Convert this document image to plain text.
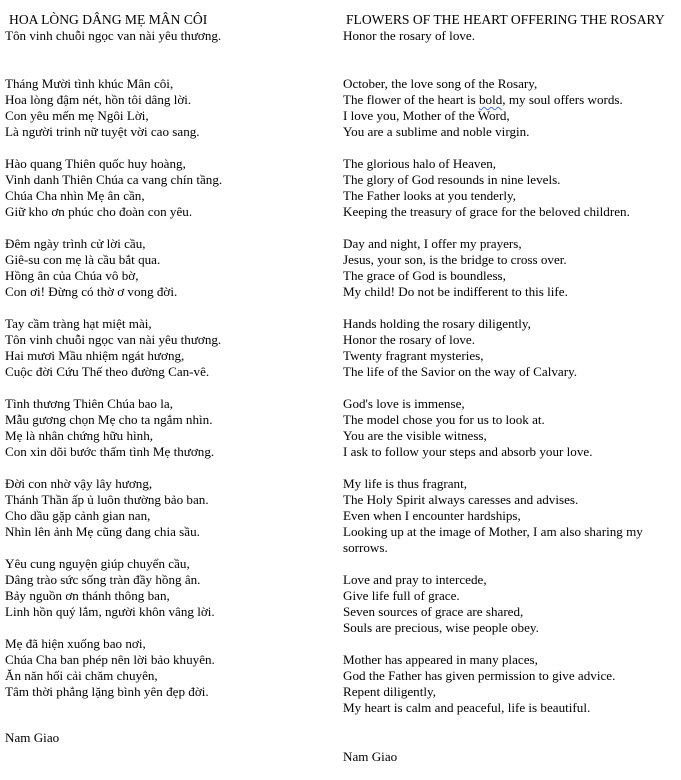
HOA LÒNG DÂNG MẸ MÂN CÔI
Tôn vinh chuỗi ngọc van nài yêu thương.
Tháng Mười tình khúc Mân côi,
Hoa lòng đậm nét, hồn tôi dâng lời.
Con yêu mến mẹ Ngôi Lời,
Là người trinh nữ tuyệt vời cao sang.
Hào quang Thiên quốc huy hoàng,
Vinh danh Thiên Chúa ca vang chín tầng.
Chúa Cha nhìn Mẹ ân cần,
Giữ kho ơn phúc cho đoàn con yêu.
Đêm ngày trình cử lời cầu,
Giê-su con mẹ là cầu bắt qua.
Hồng ân của Chúa vô bờ,
Con ơi! Đừng có thờ ơ vong đời.
Tay cầm tràng hạt miệt mài,
Tôn vinh chuỗi ngọc van nài yêu thương.
Hai mươi Mầu nhiệm ngát hương,
Cuộc đời Cứu Thế theo đường Can-vê.
Tình thương Thiên Chúa bao la,
Mẫu gương chọn Mẹ cho ta ngắm nhìn.
Mẹ là nhân chứng hữu hình,
Con xin dõi bước thấm tình Mẹ thương.
Đời con nhờ vậy lây hương,
Thánh Thần ấp ủ luôn thường bảo ban.
Cho dầu gặp cảnh gian nan,
Nhìn lên ảnh Mẹ cũng đang chia sầu.
Yêu cung nguyện giúp chuyển cầu,
Dâng trào sức sống tràn đầy hồng ân.
Bảy nguồn ơn thánh thông ban,
Linh hồn quý lắm, người khôn vâng lời.
Mẹ đã hiện xuống bao nơi,
Chúa Cha ban phép nên lời bảo khuyên.
Ăn năn hối cải chăm chuyên,
Tâm thời phẳng lặng bình yên đẹp đời.
Nam Giao
FLOWERS OF THE HEART OFFERING THE ROSARY
Honor the rosary of love.
October, the love song of the Rosary,
The flower of the heart is bold, my soul offers words.
I love you, Mother of the Word,
You are a sublime and noble virgin.
The glorious halo of Heaven,
The glory of God resounds in nine levels.
The Father looks at you tenderly,
Keeping the treasury of grace for the beloved children.
Day and night, I offer my prayers,
Jesus, your son, is the bridge to cross over.
The grace of God is boundless,
My child! Do not be indifferent to this life.
Hands holding the rosary diligently,
Honor the rosary of love.
Twenty fragrant mysteries,
The life of the Savior on the way of Calvary.
God's love is immense,
The model chose you for us to look at.
You are the visible witness,
I ask to follow your steps and absorb your love.
My life is thus fragrant,
The Holy Spirit always caresses and advises.
Even when I encounter hardships,
Looking up at the image of Mother, I am also sharing my sorrows.
Love and pray to intercede,
Give life full of grace.
Seven sources of grace are shared,
Souls are precious, wise people obey.
Mother has appeared in many places,
God the Father has given permission to give advice.
Repent diligently,
My heart is calm and peaceful, life is beautiful.
Nam Giao
